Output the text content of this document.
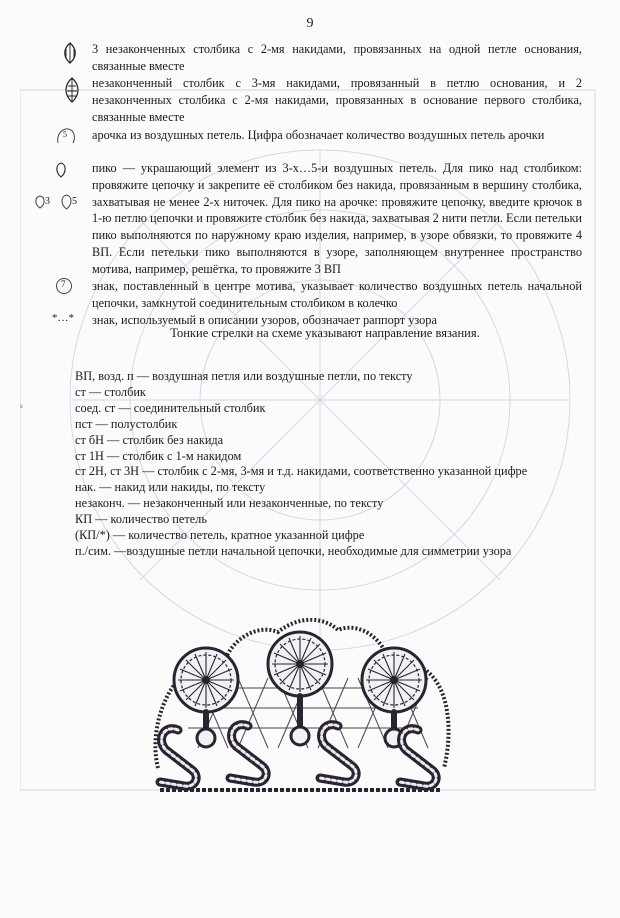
9
3 незаконченных столбика с 2-мя накидами, провязанных на одной петле основания, связанные вместе
незаконченный столбик с 3-мя накидами, провязанный в петлю основания, и 2 незаконченных столбика с 2-мя накидами, провязанных в основание первого столбика, связанные вместе
5 арочка из воздушных петель. Цифра обозначает количество воздушных петель арочки
3 5
пико — украшающий элемент из 3-х…5-и воздушных петель. Для пико над столбиком: провяжите цепочку и закрепите её столбиком без накида, провязанным в вершину столбика, захватывая не менее 2-х ниточек. Для пико на арочке: провяжите цепочку, введите крючок в 1-ю петлю цепочки и провяжите столбик без накида, захватывая 2 нити петли. Если петельки пико выполняются по наружному краю изделия, например, в узоре обвязки, то провяжите 4 ВП. Если петельки пико выполняются в узоре, заполняющем внутреннее пространство мотива, например, решётка, то провяжите 3 ВП
7 знак, поставленный в центре мотива, указывает количество воздушных петель начальной цепочки, замкнутой соединительным столбиком в колечко
*…* знак, используемый в описании узоров, обозначает раппорт узора
Тонкие стрелки на схеме указывают направление вязания.
ВП, возд. п — воздушная петля или воздушные петли, по тексту
ст — столбик
соед. ст — соединительный столбик
пст — полустолбик
ст бН — столбик без накида
ст 1Н — столбик с 1-м накидом
ст 2Н, ст 3Н — столбик с 2-мя, 3-мя и т.д. накидами, соответственно указанной цифре
нак. — накид или накиды, по тексту
незаконч. — незаконченный или незаконченные, по тексту
КП — количество петель
(КП/*) — количество петель, кратное указанной цифре
п./сим. —воздушные петли начальной цепочки, необходимые для симметрии узора
s
